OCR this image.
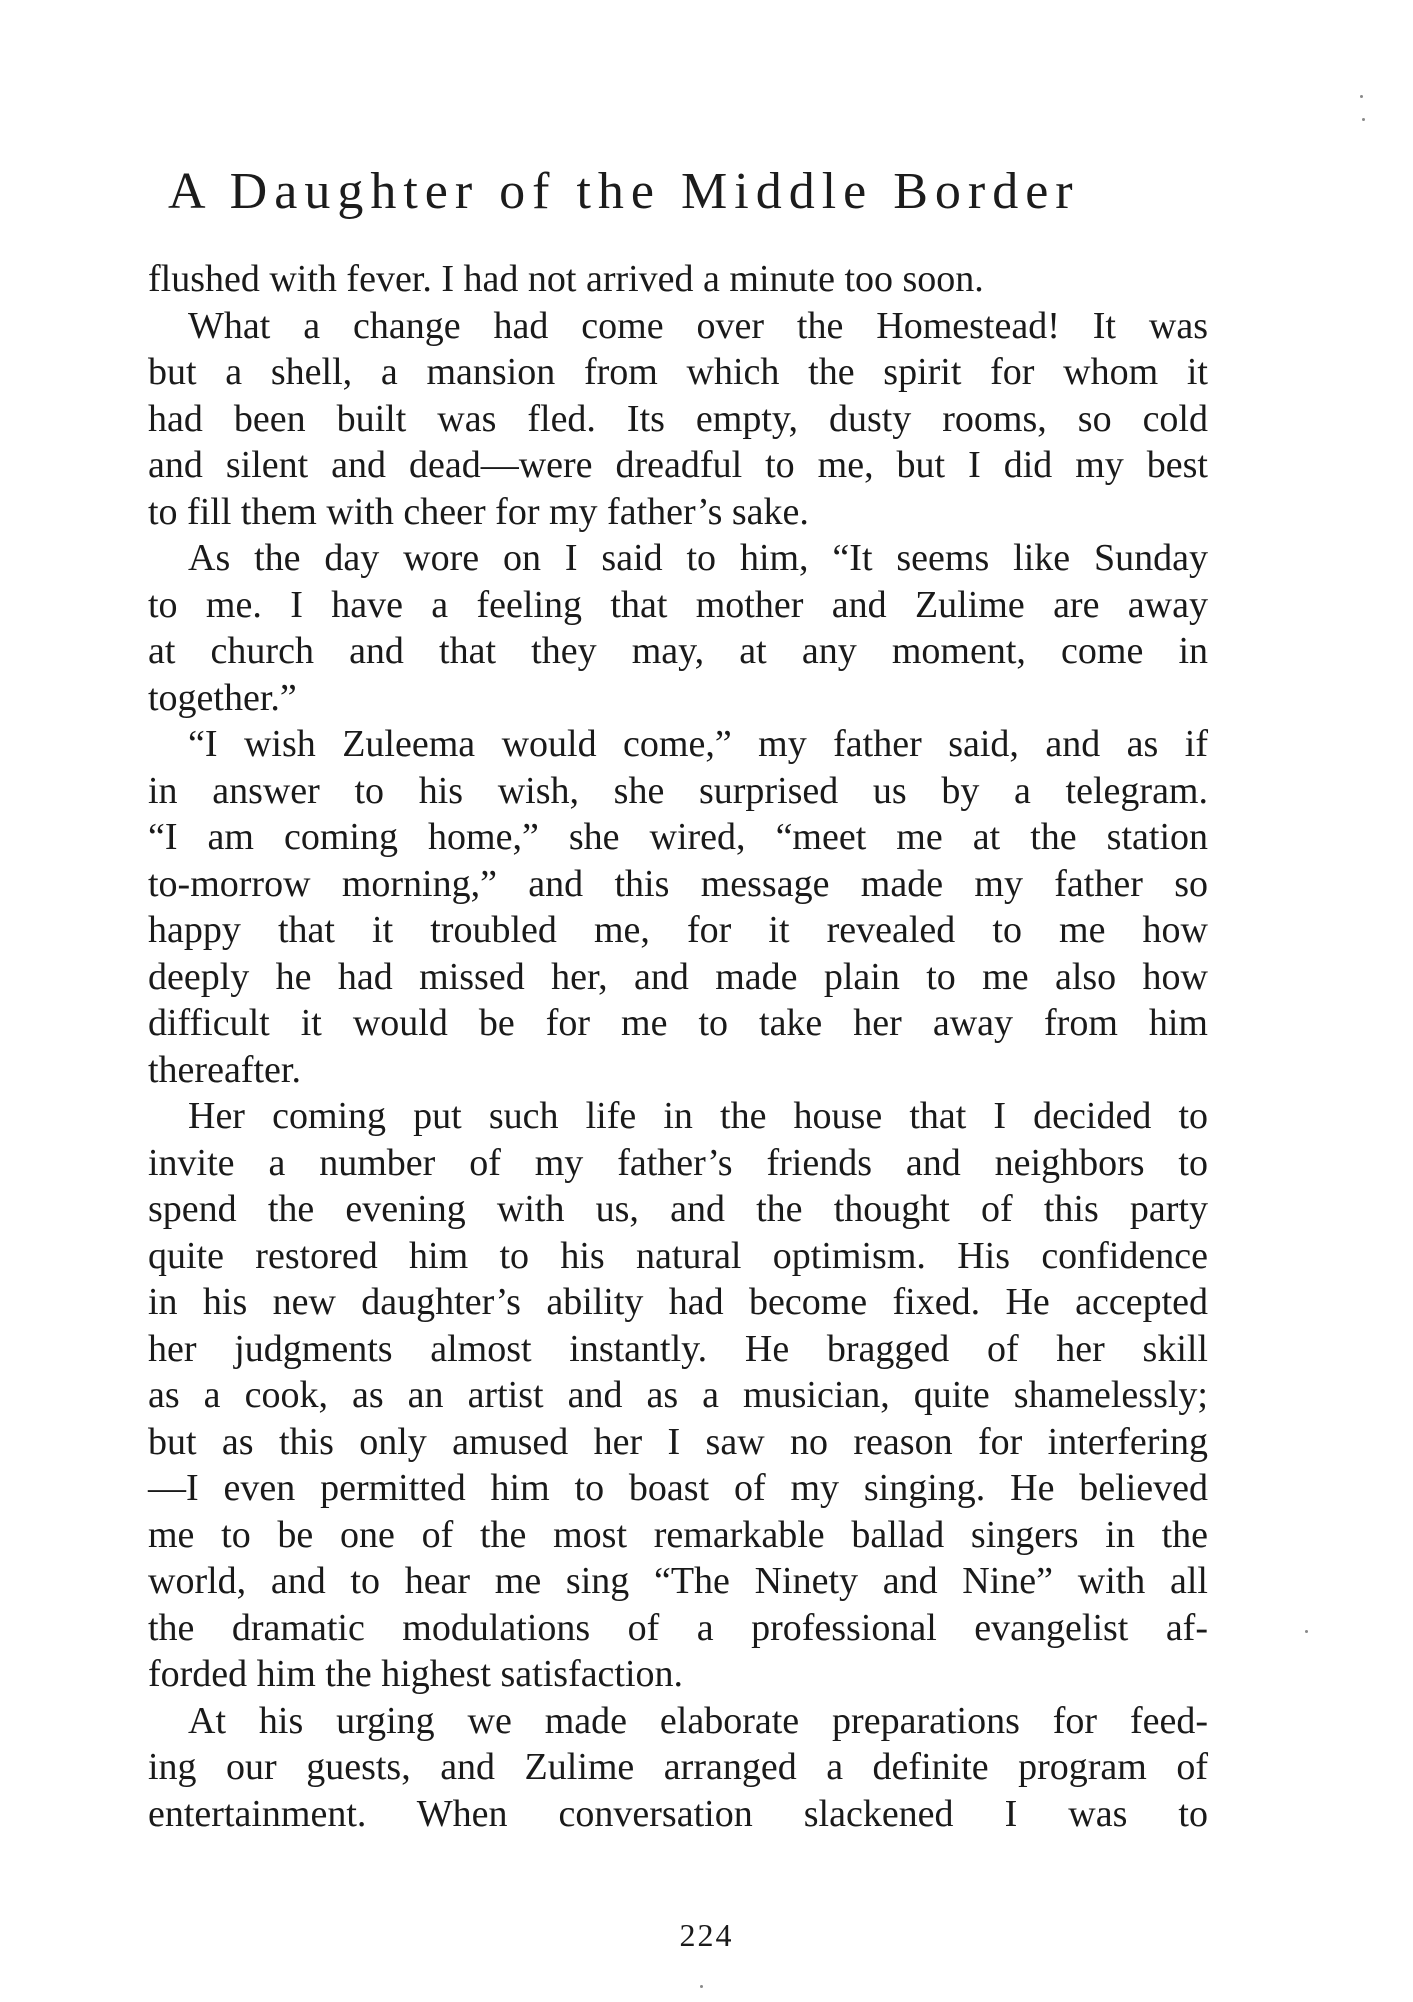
A Daughter of the Middle Border
flushed with fever. I had not arrived a minute too soon.
What a change had come over the Homestead! It was
but a shell, a mansion from which the spirit for whom it
had been built was fled. Its empty, dusty rooms, so cold
and silent and dead—were dreadful to me, but I did my best
to fill them with cheer for my father’s sake.
As the day wore on I said to him, “It seems like Sunday
to me. I have a feeling that mother and Zulime are away
at church and that they may, at any moment, come in
together.”
“I wish Zuleema would come,” my father said, and as if
in answer to his wish, she surprised us by a telegram.
“I am coming home,” she wired, “meet me at the station
to-morrow morning,” and this message made my father so
happy that it troubled me, for it revealed to me how
deeply he had missed her, and made plain to me also how
difficult it would be for me to take her away from him
thereafter.
Her coming put such life in the house that I decided to
invite a number of my father’s friends and neighbors to
spend the evening with us, and the thought of this party
quite restored him to his natural optimism. His confidence
in his new daughter’s ability had become fixed. He accepted
her judgments almost instantly. He bragged of her skill
as a cook, as an artist and as a musician, quite shamelessly;
but as this only amused her I saw no reason for interfering
—I even permitted him to boast of my singing. He believed
me to be one of the most remarkable ballad singers in the
world, and to hear me sing “The Ninety and Nine” with all
the dramatic modulations of a professional evangelist af-
forded him the highest satisfaction.
At his urging we made elaborate preparations for feed-
ing our guests, and Zulime arranged a definite program of
entertainment. When conversation slackened I was to
224
